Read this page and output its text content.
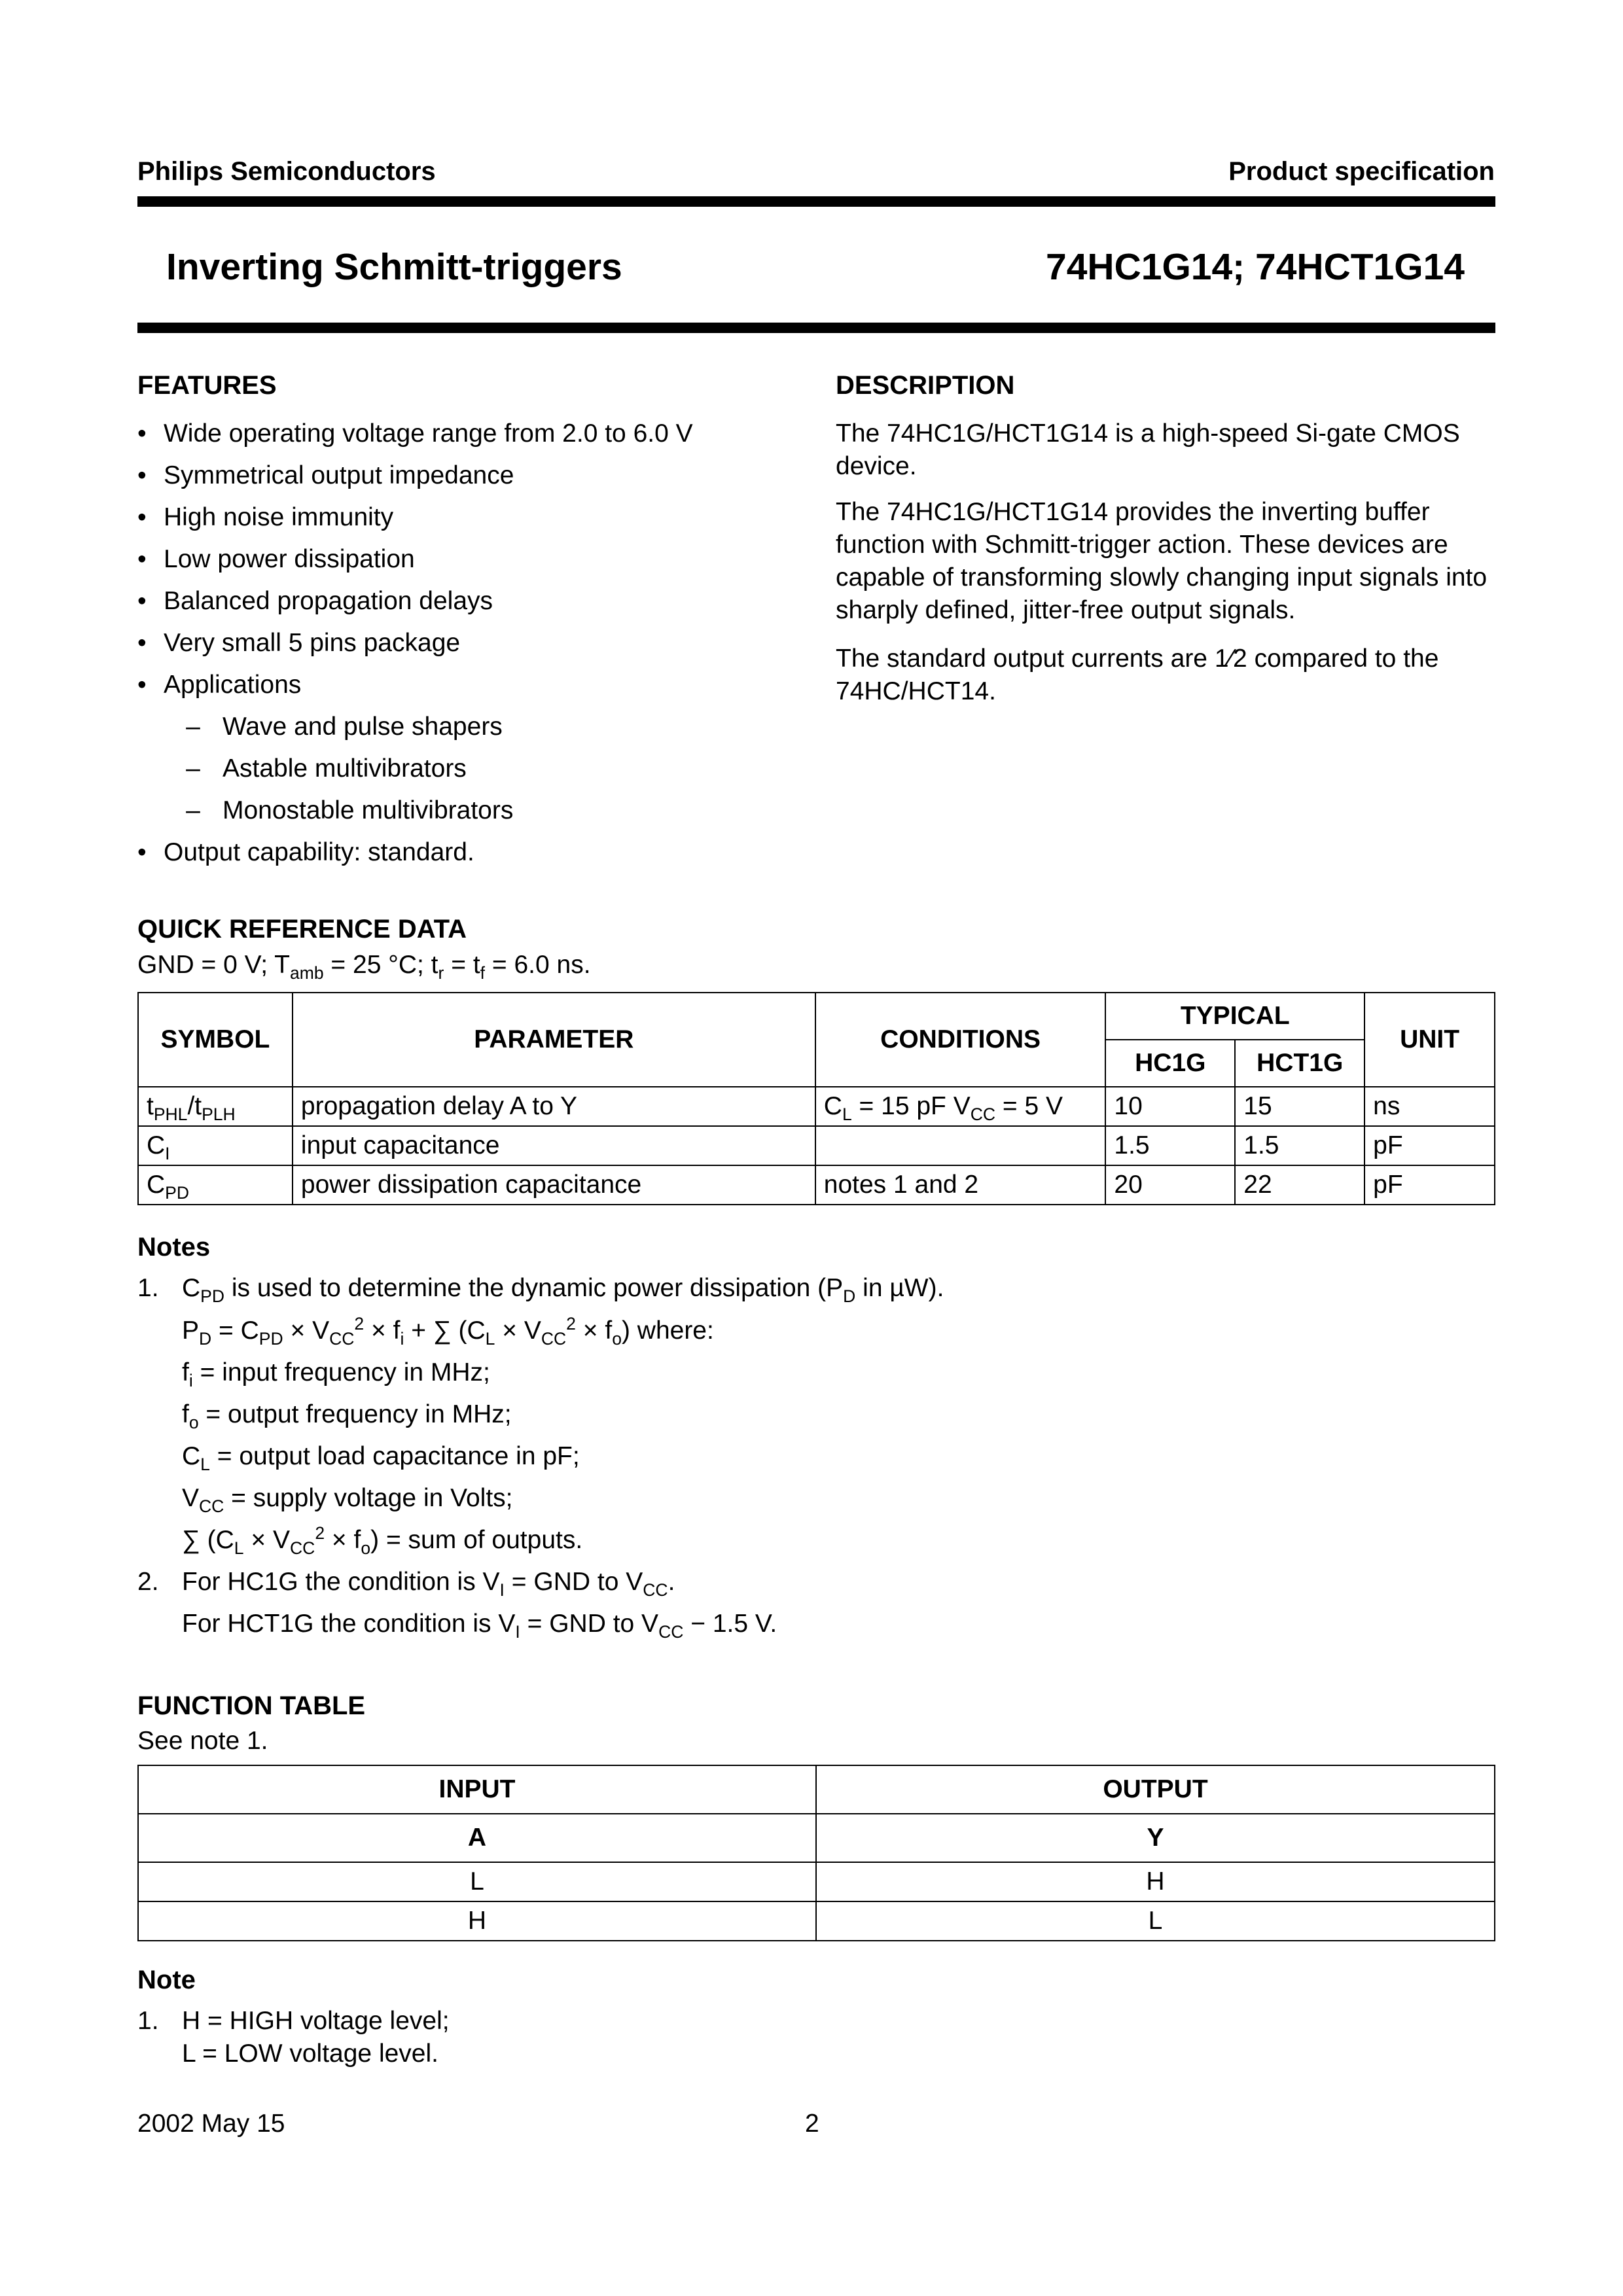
Philips Semiconductors	Product specification
Inverting Schmitt-triggers	74HC1G14; 74HCT1G14
FEATURES
• Wide operating voltage range from 2.0 to 6.0 V
• Symmetrical output impedance
• High noise immunity
• Low power dissipation
• Balanced propagation delays
• Very small 5 pins package
• Applications
– Wave and pulse shapers
– Astable multivibrators
– Monostable multivibrators
• Output capability: standard.
DESCRIPTION
The 74HC1G/HCT1G14 is a high-speed Si-gate CMOS device.
The 74HC1G/HCT1G14 provides the inverting buffer function with Schmitt-trigger action. These devices are capable of transforming slowly changing input signals into sharply defined, jitter-free output signals.
The standard output currents are 1⁄2 compared to the 74HC/HCT14.
QUICK REFERENCE DATA
GND = 0 V; $T_{amb} = 25$ °C; $t_r = t_f = 6.0$ ns.
SYMBOL	PARAMETER	CONDITIONS	TYPICAL		UNIT
			HC1G	HCT1G	
$t_{PHL}/t_{PLH}$	propagation delay A to Y	$C_L = 15$ pF $V_{CC} = 5$ V	10	15	ns
$C_I$	input capacitance		1.5	1.5	pF
$C_{PD}$	power dissipation capacitance	notes 1 and 2	20	22	pF
Notes
1. $C_{PD}$ is used to determine the dynamic power dissipation ($P_D$ in µW).
$P_D = C_{PD} \times V_{CC}^2 \times f_i$ + ∑ $(C_L \times V_{CC}^2 \times f_o)$ where:
$f_i$ = input frequency in MHz;
$f_o$ = output frequency in MHz;
$C_L$ = output load capacitance in pF;
$V_{CC}$ = supply voltage in Volts;
∑ $(C_L \times V_{CC}^2 \times f_o)$ = sum of outputs.
2. For HC1G the condition is $V_I$ = GND to $V_{CC}$.
For HCT1G the condition is $V_I$ = GND to $V_{CC} - 1.5$ V.
FUNCTION TABLE
See note 1.
INPUT	OUTPUT
A	Y
L	H
H	L
Note
1. H = HIGH voltage level;
L = LOW voltage level.
2002 May 15	2
